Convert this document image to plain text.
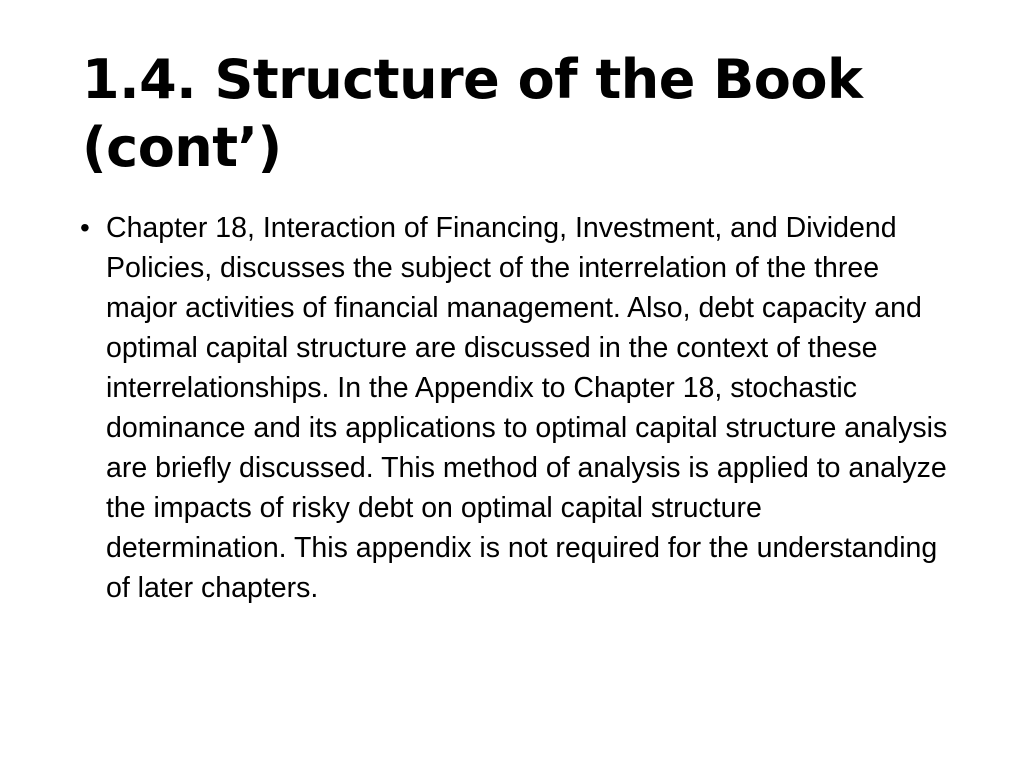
1.4. Structure of the Book (cont’)
• Chapter 18, Interaction of Financing, Investment, and Dividend Policies, discusses the subject of the interrelation of the three major activities of financial management. Also, debt capacity and optimal capital structure are discussed in the context of these interrelationships. In the Appendix to Chapter 18, stochastic dominance and its applications to optimal capital structure analysis are briefly discussed. This method of analysis is applied to analyze the impacts of risky debt on optimal capital structure determination. This appendix is not required for the understanding of later chapters.
